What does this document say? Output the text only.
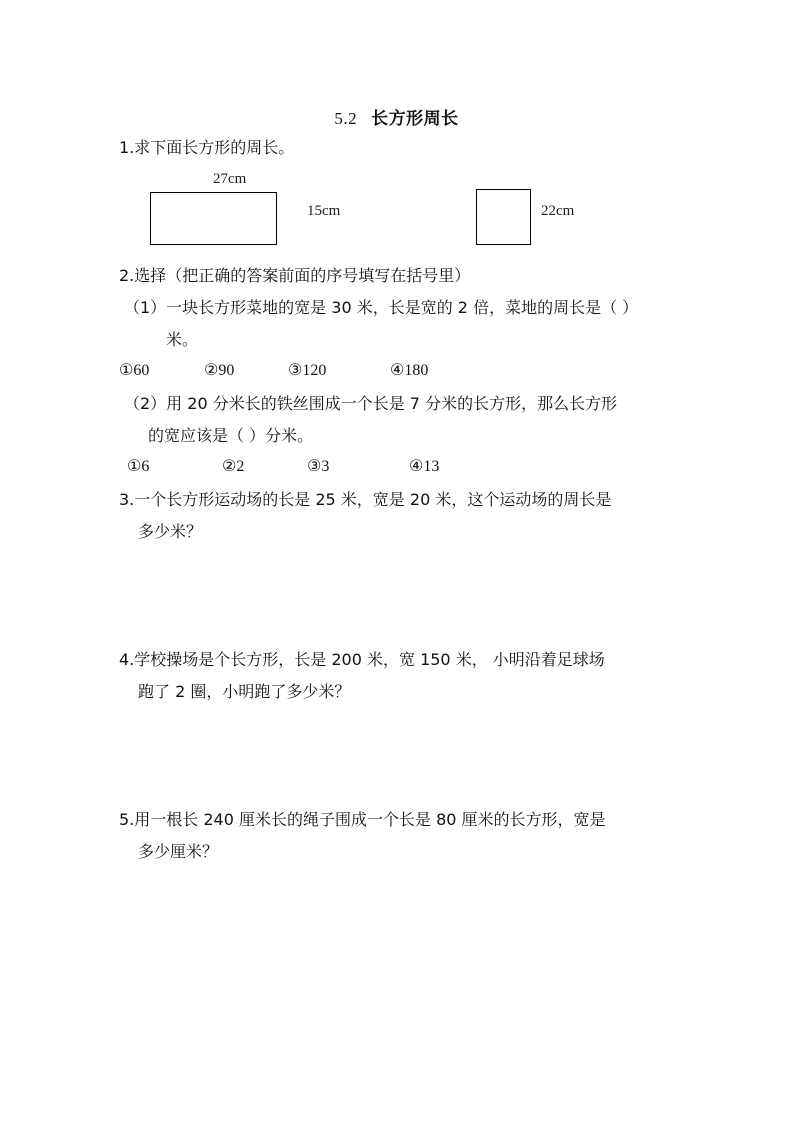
5.2 长方形周长
1.求下面长方形的周长。
27cm
15cm	22cm
2.选择（把正确的答案前面的序号填写在括号里）
（1）一块长方形菜地的宽是 30 米，长是宽的 2 倍，菜地的周长是（ ）
米。
①60	②90	③120	④180
（2）用 20 分米长的铁丝围成一个长是 7 分米的长方形，那么长方形
的宽应该是（ ）分米。
①6	②2	③3	④13
3.一个长方形运动场的长是 25 米，宽是 20 米，这个运动场的周长是
多少米？
4.学校操场是个长方形，长是 200 米，宽 150 米， 小明沿着足球场
跑了 2 圈，小明跑了多少米？
5.用一根长 240 厘米长的绳子围成一个长是 80 厘米的长方形，宽是
多少厘米？
